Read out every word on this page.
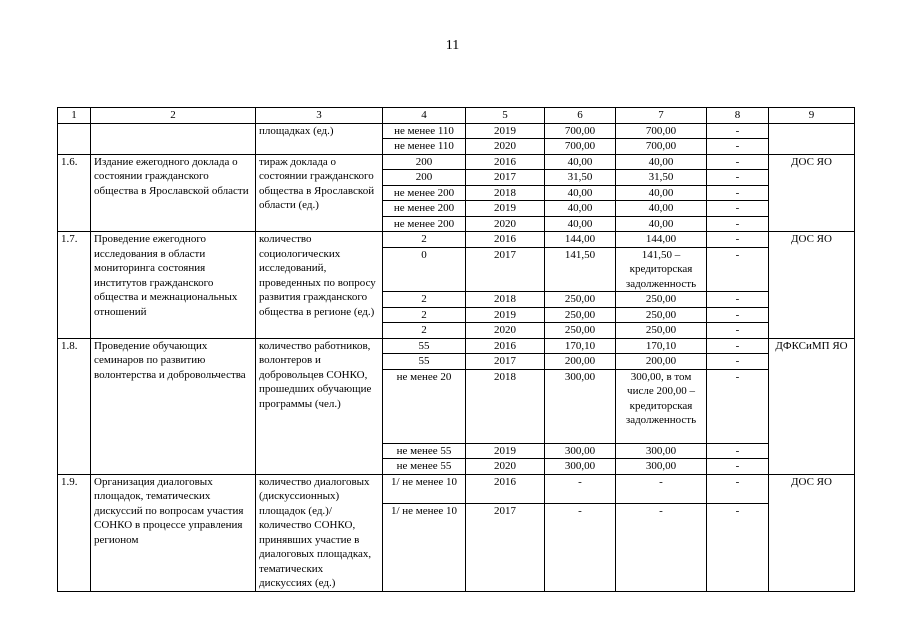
11
1	2	3	4	5	6	7	8	9
		площадках (ед.)	не менее 110	2019	700,00	700,00	-	
			не менее 110	2020	700,00	700,00	-	
1.6.	Издание ежегодного доклада о состоянии гражданского общества в Ярославской области	тираж доклада о состоянии гражданского общества в Ярославской области (ед.)	200	2016	40,00	40,00	-	ДОС ЯО
			200	2017	31,50	31,50	-	
			не менее 200	2018	40,00	40,00	-	
			не менее 200	2019	40,00	40,00	-	
			не менее 200	2020	40,00	40,00	-	
1.7.	Проведение ежегодного исследования в области мониторинга состояния институтов гражданского общества и межнациональных отношений	количество социологических исследований, проведенных по вопросу развития гражданского общества в регионе (ед.)	2	2016	144,00	144,00	-	ДОС ЯО
			0	2017	141,50	141,50 – кредиторская задолженность	-	
			2	2018	250,00	250,00	-	
			2	2019	250,00	250,00	-	
			2	2020	250,00	250,00	-	
1.8.	Проведение обучающих семинаров по развитию волонтерства и добровольчества	количество работников, волонтеров и добровольцев СОНКО, прошедших обучающие программы (чел.)	55	2016	170,10	170,10	-	ДФКСиМП ЯО
			55	2017	200,00	200,00	-	
			не менее 20	2018	300,00	300,00, в том числе 200,00 – кредиторская задолженность	-	
			не менее 55	2019	300,00	300,00	-	
			не менее 55	2020	300,00	300,00	-	
1.9.	Организация диалоговых площадок, тематических дискуссий по вопросам участия СОНКО в процессе управления регионом	количество диалоговых (дискуссионных) площадок (ед.)/ количество СОНКО, принявших участие в диалоговых площадках, тематических дискуссиях (ед.)	1/ не менее 10	2016	-	-	-	ДОС ЯО
			1/ не менее 10	2017	-	-	-	
